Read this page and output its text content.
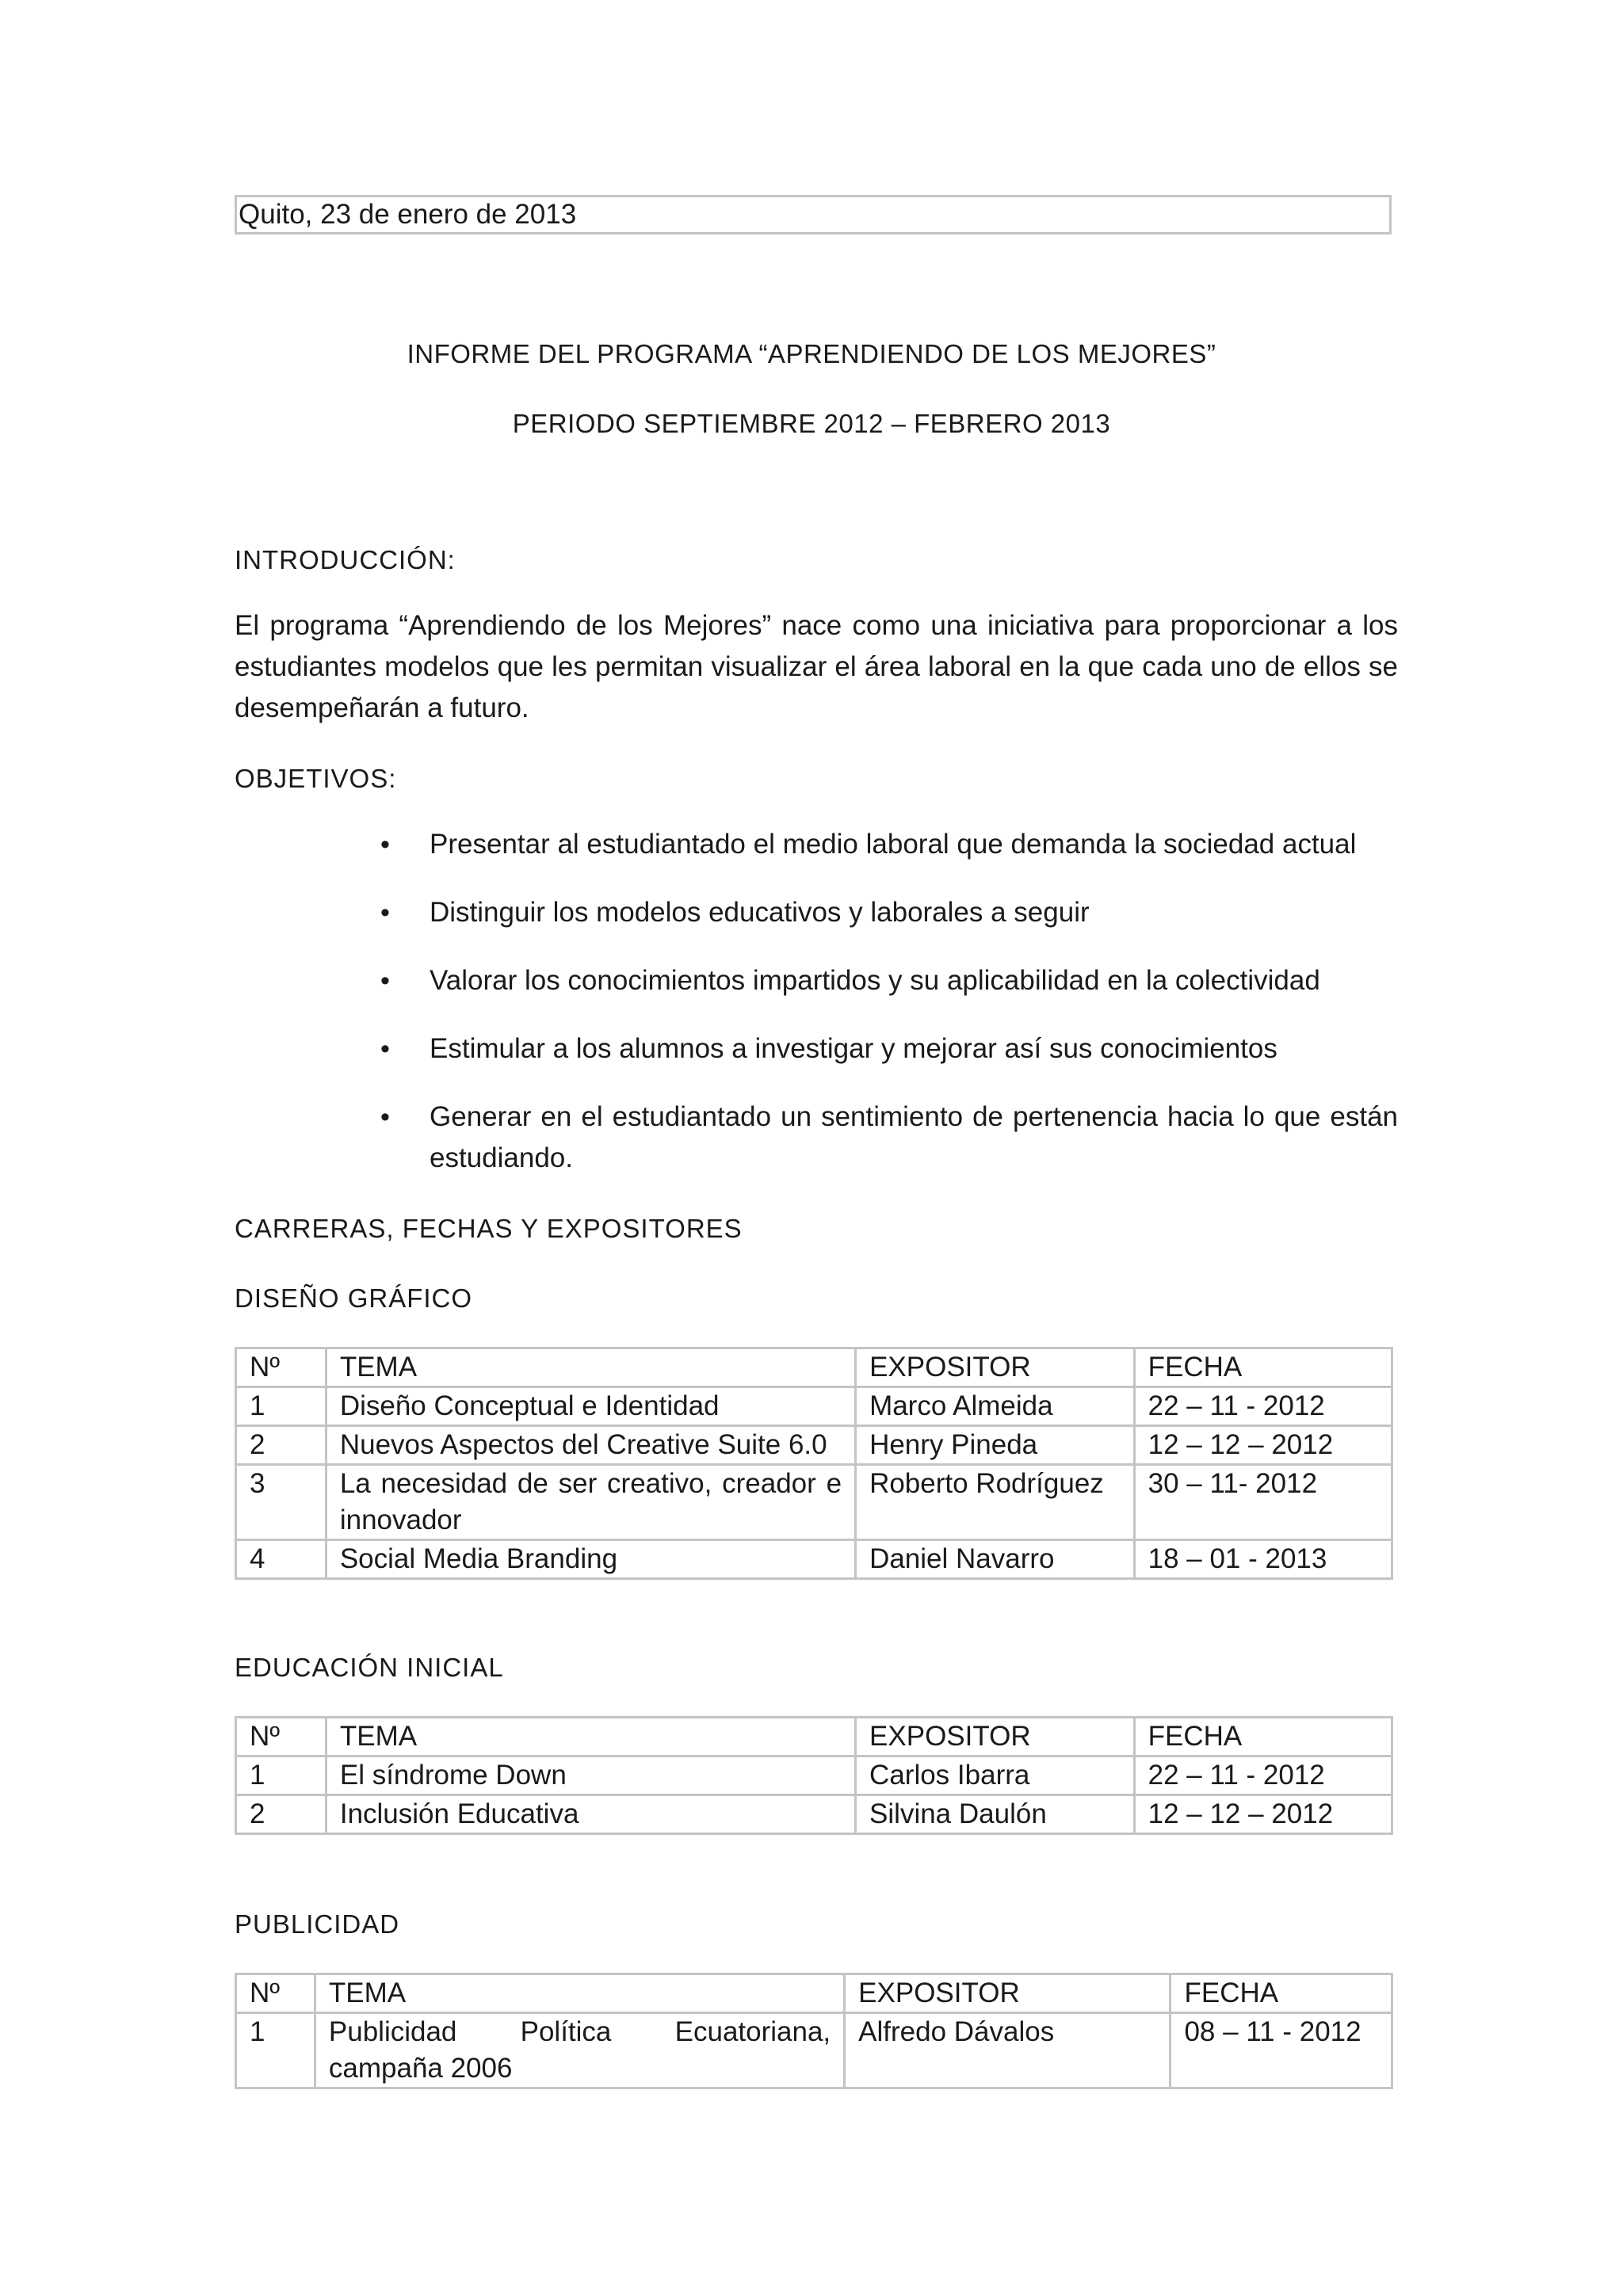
Quito, 23 de enero de 2013
INFORME DEL PROGRAMA “APRENDIENDO DE LOS MEJORES”
PERIODO SEPTIEMBRE 2012 – FEBRERO 2013
INTRODUCCIÓN:
El programa “Aprendiendo de los Mejores” nace como una iniciativa para proporcionar a los estudiantes modelos que les permitan visualizar el área laboral en la que cada uno de ellos se desempeñarán a futuro.
OBJETIVOS:
• Presentar al estudiantado el medio laboral que demanda la sociedad actual
• Distinguir los modelos educativos y laborales a seguir
• Valorar los conocimientos impartidos y su aplicabilidad en la colectividad
• Estimular a los alumnos a investigar y mejorar así sus conocimientos
• Generar en el estudiantado un sentimiento de pertenencia hacia lo que están estudiando.
CARRERAS, FECHAS Y EXPOSITORES
DISEÑO GRÁFICO
Nº	TEMA	EXPOSITOR	FECHA
1	Diseño Conceptual e Identidad	Marco Almeida	22 – 11 - 2012
2	Nuevos Aspectos del Creative Suite 6.0	Henry Pineda	12 – 12 – 2012
3	La necesidad de ser creativo, creador e innovador	Roberto Rodríguez	30 – 11- 2012
4	Social Media Branding	Daniel Navarro	18 – 01 - 2013
EDUCACIÓN INICIAL
Nº	TEMA	EXPOSITOR	FECHA
1	El síndrome Down	Carlos Ibarra	22 – 11 - 2012
2	Inclusión Educativa	Silvina Daulón	12 – 12 – 2012
PUBLICIDAD
Nº	TEMA	EXPOSITOR	FECHA
1	Publicidad Política Ecuatoriana, campaña 2006	Alfredo Dávalos	08 – 11 - 2012
